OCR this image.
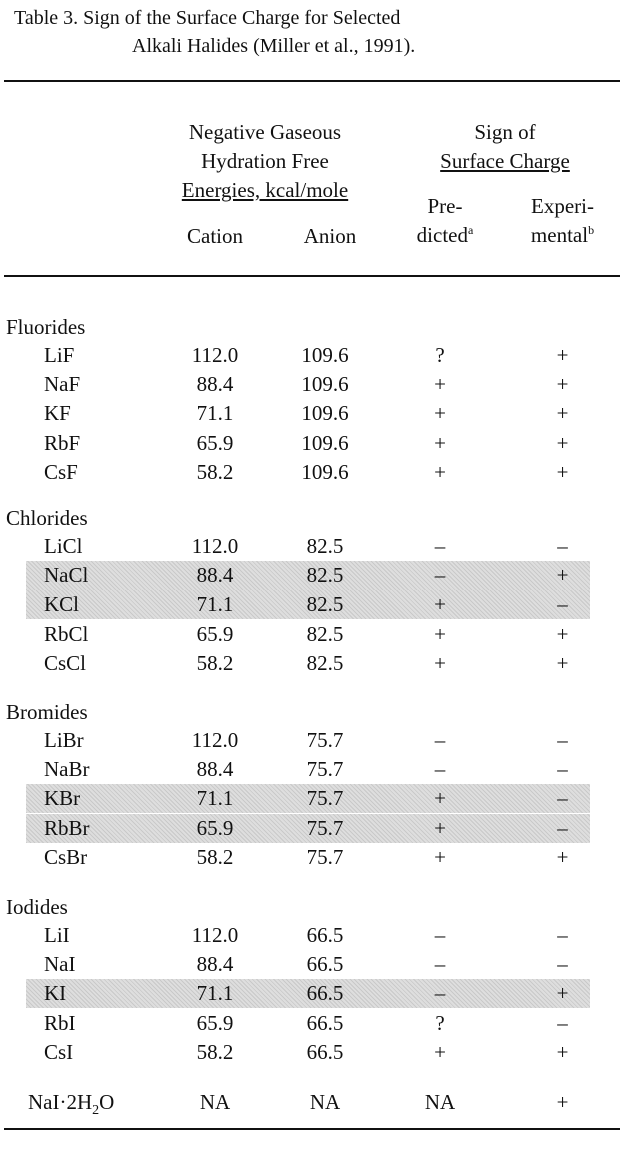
Table 3. Sign of the Surface Charge for Selected
Alkali Halides (Miller et al., 1991).
Negative Gaseous
Hydration Free
Energies, kcal/mole
Sign of
Surface Charge
Cation	Anion
Pre-
dicted$^a$
Experi-
mental$^b$
Fluorides
LiF	112.0	109.6	?	+
NaF	88.4	109.6	+	+
KF	71.1	109.6	+	+
RbF	65.9	109.6	+	+
CsF	58.2	109.6	+	+
Chlorides
LiCl	112.0	82.5	–	–
NaCl	88.4	82.5	–	+
KCl	71.1	82.5	+	–
RbCl	65.9	82.5	+	+
CsCl	58.2	82.5	+	+
Bromides
LiBr	112.0	75.7	–	–
NaBr	88.4	75.7	–	–
KBr	71.1	75.7	+	–
RbBr	65.9	75.7	+	–
CsBr	58.2	75.7	+	+
Iodides
LiI	112.0	66.5	–	–
NaI	88.4	66.5	–	–
KI	71.1	66.5	–	+
RbI	65.9	66.5	?	–
CsI	58.2	66.5	+	+
$NaI\cdot 2H_2O$	NA	NA	NA	+
